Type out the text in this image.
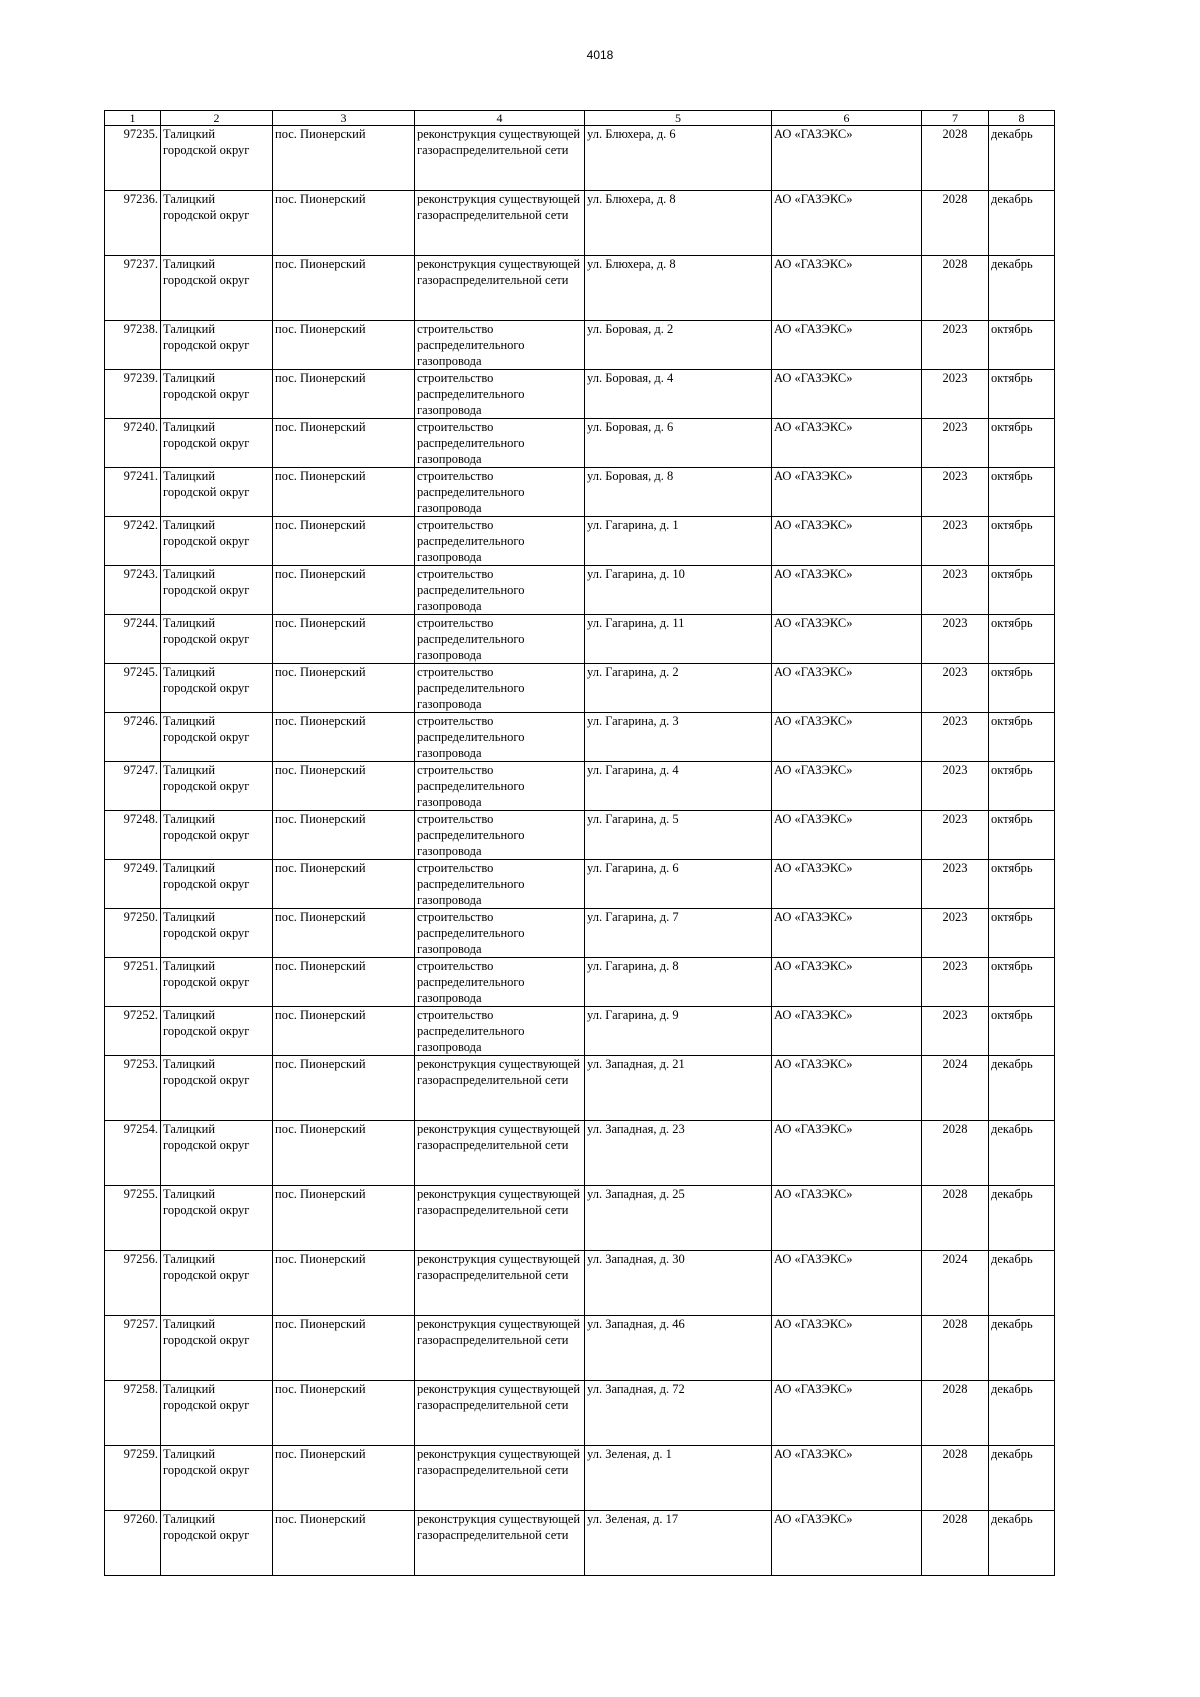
4018
1	2	3	4	5	6	7	8
97235.	Талицкий городской округ	пос. Пионерский	реконструкция существующей газораспределительной сети	ул. Блюхера, д. 6	АО «ГАЗЭКС»	2028	декабрь
97236.	Талицкий городской округ	пос. Пионерский	реконструкция существующей газораспределительной сети	ул. Блюхера, д. 8	АО «ГАЗЭКС»	2028	декабрь
97237.	Талицкий городской округ	пос. Пионерский	реконструкция существующей газораспределительной сети	ул. Блюхера, д. 8	АО «ГАЗЭКС»	2028	декабрь
97238.	Талицкий городской округ	пос. Пионерский	строительство распределительного газопровода	ул. Боровая, д. 2	АО «ГАЗЭКС»	2023	октябрь
97239.	Талицкий городской округ	пос. Пионерский	строительство распределительного газопровода	ул. Боровая, д. 4	АО «ГАЗЭКС»	2023	октябрь
97240.	Талицкий городской округ	пос. Пионерский	строительство распределительного газопровода	ул. Боровая, д. 6	АО «ГАЗЭКС»	2023	октябрь
97241.	Талицкий городской округ	пос. Пионерский	строительство распределительного газопровода	ул. Боровая, д. 8	АО «ГАЗЭКС»	2023	октябрь
97242.	Талицкий городской округ	пос. Пионерский	строительство распределительного газопровода	ул. Гагарина, д. 1	АО «ГАЗЭКС»	2023	октябрь
97243.	Талицкий городской округ	пос. Пионерский	строительство распределительного газопровода	ул. Гагарина, д. 10	АО «ГАЗЭКС»	2023	октябрь
97244.	Талицкий городской округ	пос. Пионерский	строительство распределительного газопровода	ул. Гагарина, д. 11	АО «ГАЗЭКС»	2023	октябрь
97245.	Талицкий городской округ	пос. Пионерский	строительство распределительного газопровода	ул. Гагарина, д. 2	АО «ГАЗЭКС»	2023	октябрь
97246.	Талицкий городской округ	пос. Пионерский	строительство распределительного газопровода	ул. Гагарина, д. 3	АО «ГАЗЭКС»	2023	октябрь
97247.	Талицкий городской округ	пос. Пионерский	строительство распределительного газопровода	ул. Гагарина, д. 4	АО «ГАЗЭКС»	2023	октябрь
97248.	Талицкий городской округ	пос. Пионерский	строительство распределительного газопровода	ул. Гагарина, д. 5	АО «ГАЗЭКС»	2023	октябрь
97249.	Талицкий городской округ	пос. Пионерский	строительство распределительного газопровода	ул. Гагарина, д. 6	АО «ГАЗЭКС»	2023	октябрь
97250.	Талицкий городской округ	пос. Пионерский	строительство распределительного газопровода	ул. Гагарина, д. 7	АО «ГАЗЭКС»	2023	октябрь
97251.	Талицкий городской округ	пос. Пионерский	строительство распределительного газопровода	ул. Гагарина, д. 8	АО «ГАЗЭКС»	2023	октябрь
97252.	Талицкий городской округ	пос. Пионерский	строительство распределительного газопровода	ул. Гагарина, д. 9	АО «ГАЗЭКС»	2023	октябрь
97253.	Талицкий городской округ	пос. Пионерский	реконструкция существующей газораспределительной сети	ул. Западная, д. 21	АО «ГАЗЭКС»	2024	декабрь
97254.	Талицкий городской округ	пос. Пионерский	реконструкция существующей газораспределительной сети	ул. Западная, д. 23	АО «ГАЗЭКС»	2028	декабрь
97255.	Талицкий городской округ	пос. Пионерский	реконструкция существующей газораспределительной сети	ул. Западная, д. 25	АО «ГАЗЭКС»	2028	декабрь
97256.	Талицкий городской округ	пос. Пионерский	реконструкция существующей газораспределительной сети	ул. Западная, д. 30	АО «ГАЗЭКС»	2024	декабрь
97257.	Талицкий городской округ	пос. Пионерский	реконструкция существующей газораспределительной сети	ул. Западная, д. 46	АО «ГАЗЭКС»	2028	декабрь
97258.	Талицкий городской округ	пос. Пионерский	реконструкция существующей газораспределительной сети	ул. Западная, д. 72	АО «ГАЗЭКС»	2028	декабрь
97259.	Талицкий городской округ	пос. Пионерский	реконструкция существующей газораспределительной сети	ул. Зеленая, д. 1	АО «ГАЗЭКС»	2028	декабрь
97260.	Талицкий городской округ	пос. Пионерский	реконструкция существующей газораспределительной сети	ул. Зеленая, д. 17	АО «ГАЗЭКС»	2028	декабрь
